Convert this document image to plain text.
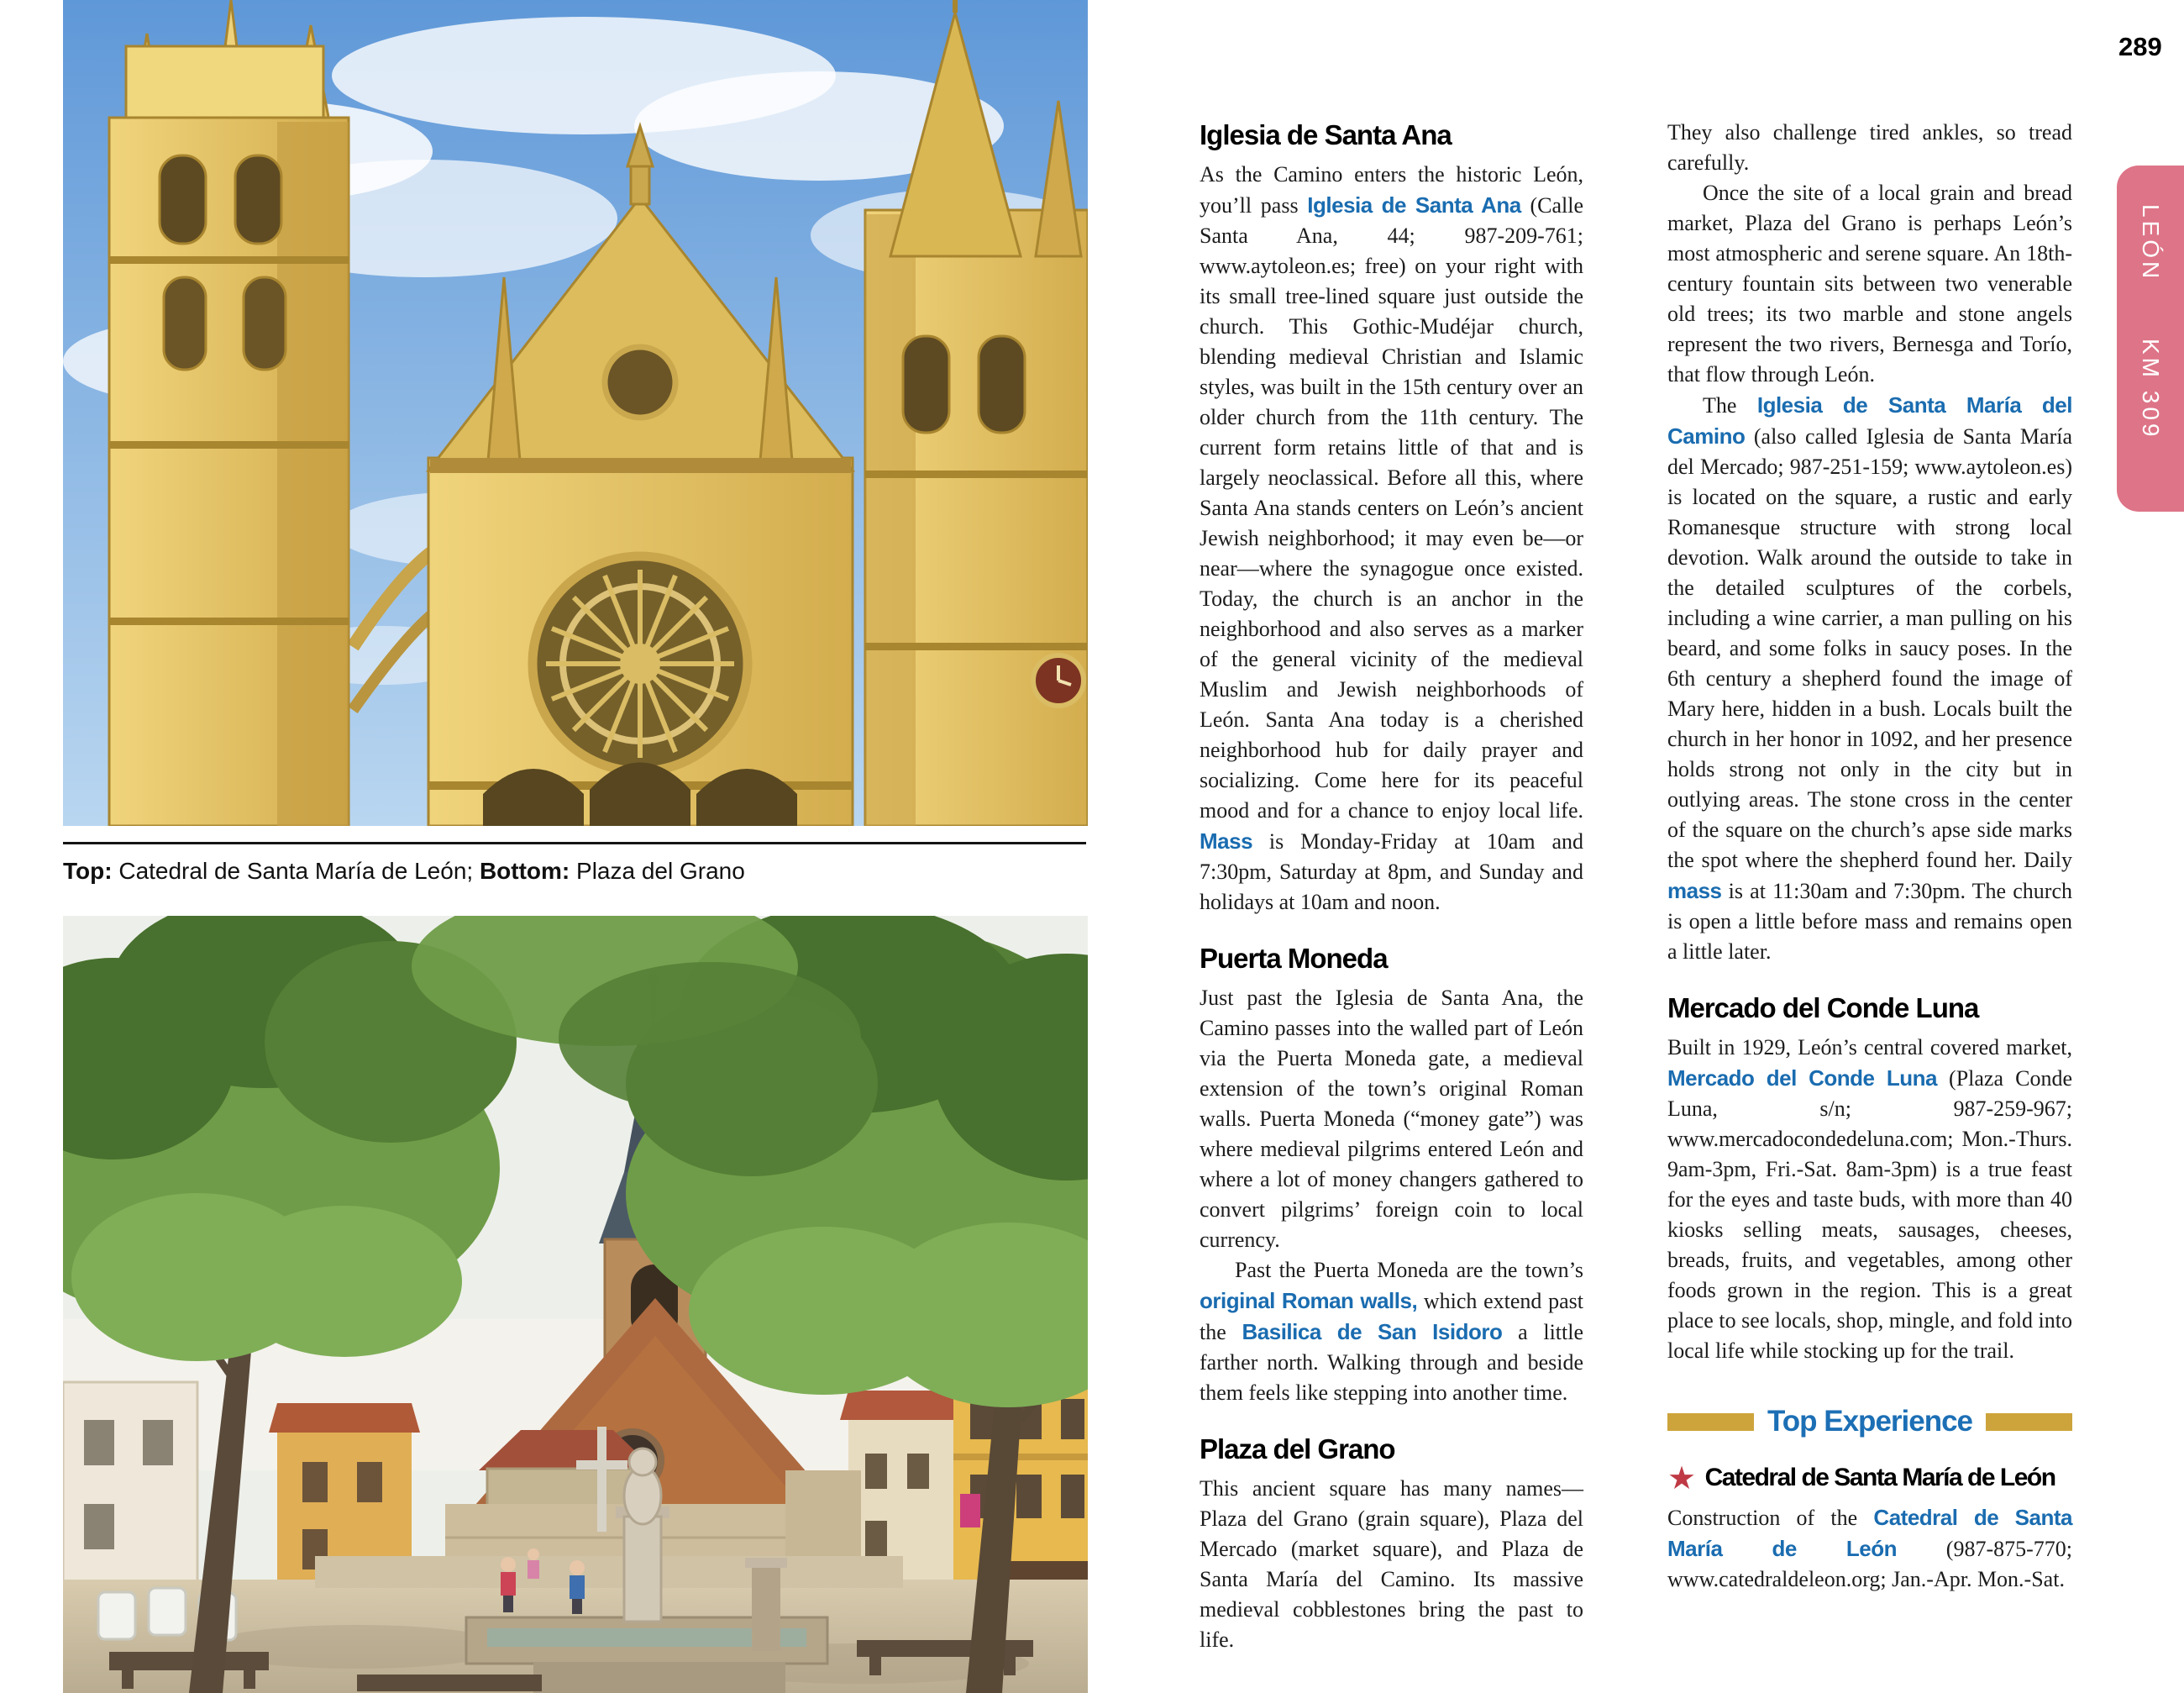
Top: Catedral de Santa María de León; Bottom: Plaza del Grano
Iglesia de Santa Ana

As the Camino enters the historic León, you’ll pass Iglesia de Santa Ana (Calle Santa Ana, 44; 987-209-761; www.aytoleon.es; free) on your right with its small tree-lined square just outside the church. This Gothic-Mudéjar church, blending medieval Christian and Islamic styles, was built in the 15th century over an older church from the 11th century. The current form retains little of that and is largely neoclassical. Before all this, where Santa Ana stands centers on León’s ancient Jewish neighborhood; it may even be—or near—where the synagogue once existed. Today, the church is an anchor in the neighborhood and also serves as a marker of the general vicinity of the medieval Muslim and Jewish neighborhoods of León. Santa Ana today is a cherished neighborhood hub for daily prayer and socializing. Come here for its peaceful mood and for a chance to enjoy local life. Mass is Monday-Friday at 10am and 7:30pm, Saturday at 8pm, and Sunday and holidays at 10am and noon.

Puerta Moneda

Just past the Iglesia de Santa Ana, the Camino passes into the walled part of León via the Puerta Moneda gate, a medieval extension of the town’s original Roman walls. Puerta Moneda (“money gate”) was where medieval pilgrims entered León and where a lot of money changers gathered to convert pilgrims’ foreign coin to local currency.

Past the Puerta Moneda are the town’s original Roman walls, which extend past the Basilica de San Isidoro a little farther north. Walking through and beside them feels like stepping into another time.

Plaza del Grano

This ancient square has many names—Plaza del Grano (grain square), Plaza del Mercado (market square), and Plaza de Santa María del Camino. Its massive medieval cobblestones bring the past to life.

They also challenge tired ankles, so tread carefully.

Once the site of a local grain and bread market, Plaza del Grano is perhaps León’s most atmospheric and serene square. An 18th-century fountain sits between two venerable old trees; its two marble and stone angels represent the two rivers, Bernesga and Torío, that flow through León.

The Iglesia de Santa María del Camino (also called Iglesia de Santa María del Mercado; 987-251-159; www.aytoleon.es) is located on the square, a rustic and early Romanesque structure with strong local devotion. Walk around the outside to take in the detailed sculptures of the corbels, including a wine carrier, a man pulling on his beard, and some folks in saucy poses. In the 6th century a shepherd found the image of Mary here, hidden in a bush. Locals built the church in her honor in 1092, and her presence holds strong not only in the city but in outlying areas. The stone cross in the center of the square on the church’s apse side marks the spot where the shepherd found her. Daily mass is at 11:30am and 7:30pm. The church is open a little before mass and remains open a little later.

Mercado del Conde Luna

Built in 1929, León’s central covered market, Mercado del Conde Luna (Plaza Conde Luna, s/n; 987-259-967; www.mercadocondedeluna.com; Mon.-Thurs. 9am-3pm, Fri.-Sat. 8am-3pm) is a true feast for the eyes and taste buds, with more than 40 kiosks selling meats, sausages, cheeses, breads, fruits, and vegetables, among other foods grown in the region. This is a great place to see locals, shop, mingle, and fold into local life while stocking up for the trail.

Top Experience
★ Catedral de Santa María de León

Construction of the Catedral de Santa María de León (987-875-770; www.catedraldeleon.org; Jan.-Apr. Mon.-Sat.

289
LEÓN KM 309
